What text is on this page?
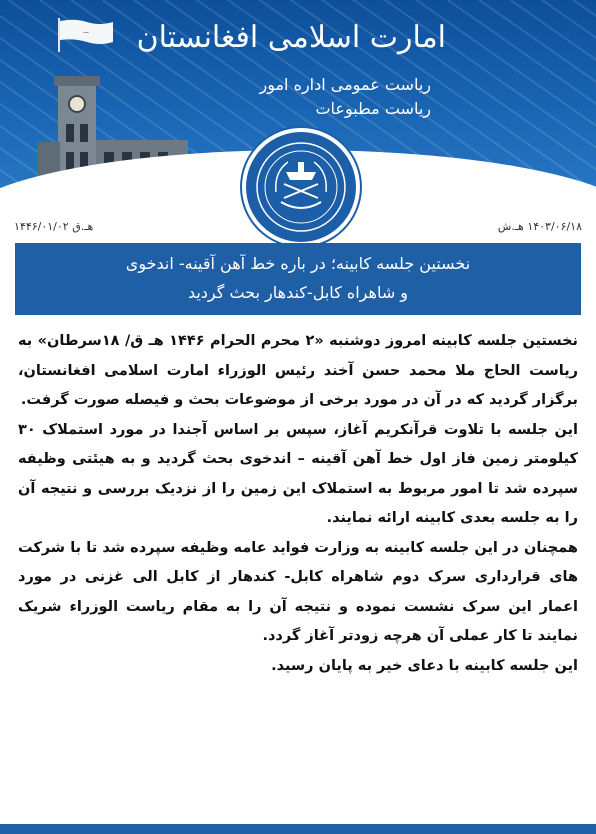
— امارت اسلامی افغانستان
ریاست عمومی اداره امور
ریاست مطبوعات
۱۴۴۶/۰۱/۰۲ هـ.ق	۱۴۰۳/۰۶/۱۸ هـ.ش
نخستین جلسه کابینه؛ در باره خط آهن آقینه- اندخوی
و شاهراه کابل-کندهار بحث گردید

نخستین جلسه کابینه امروز دوشنبه «۲ محرم الحرام ۱۴۴۶ هـ ق/ ۱۸سرطان» به ریاست الحاج ملا محمد حسن آخند رئیس الوزراء امارت اسلامی افغانستان، برگزار گردید که در آن در مورد برخی از موضوعات بحث و فیصله صورت گرفت.

این جلسه با تلاوت قرآنکریم آغاز، سپس بر اساس آجندا در مورد استملاک ۳۰ کیلومتر زمین فاز اول خط آهن آقینه – اندخوی بحث گردید و به هیئتی وظیفه سپرده شد تا امور مربوط به استملاک این زمین را از نزدیک بررسی و نتیجه آن را به جلسه بعدی کابینه ارائه نمایند.

همچنان در این جلسه کابینه به وزارت فواید عامه وظیفه سپرده شد تا با شرکت های قرارداری سرک دوم شاهراه کابل- کندهار از کابل الی غزنی در مورد اعمار این سرک نشست نموده و نتیجه آن را به مقام ریاست الوزراء شریک نمایند تا کار عملی آن هرچه زودتر آغاز گردد.

این جلسه کابینه با دعای خیر به پایان رسید.
